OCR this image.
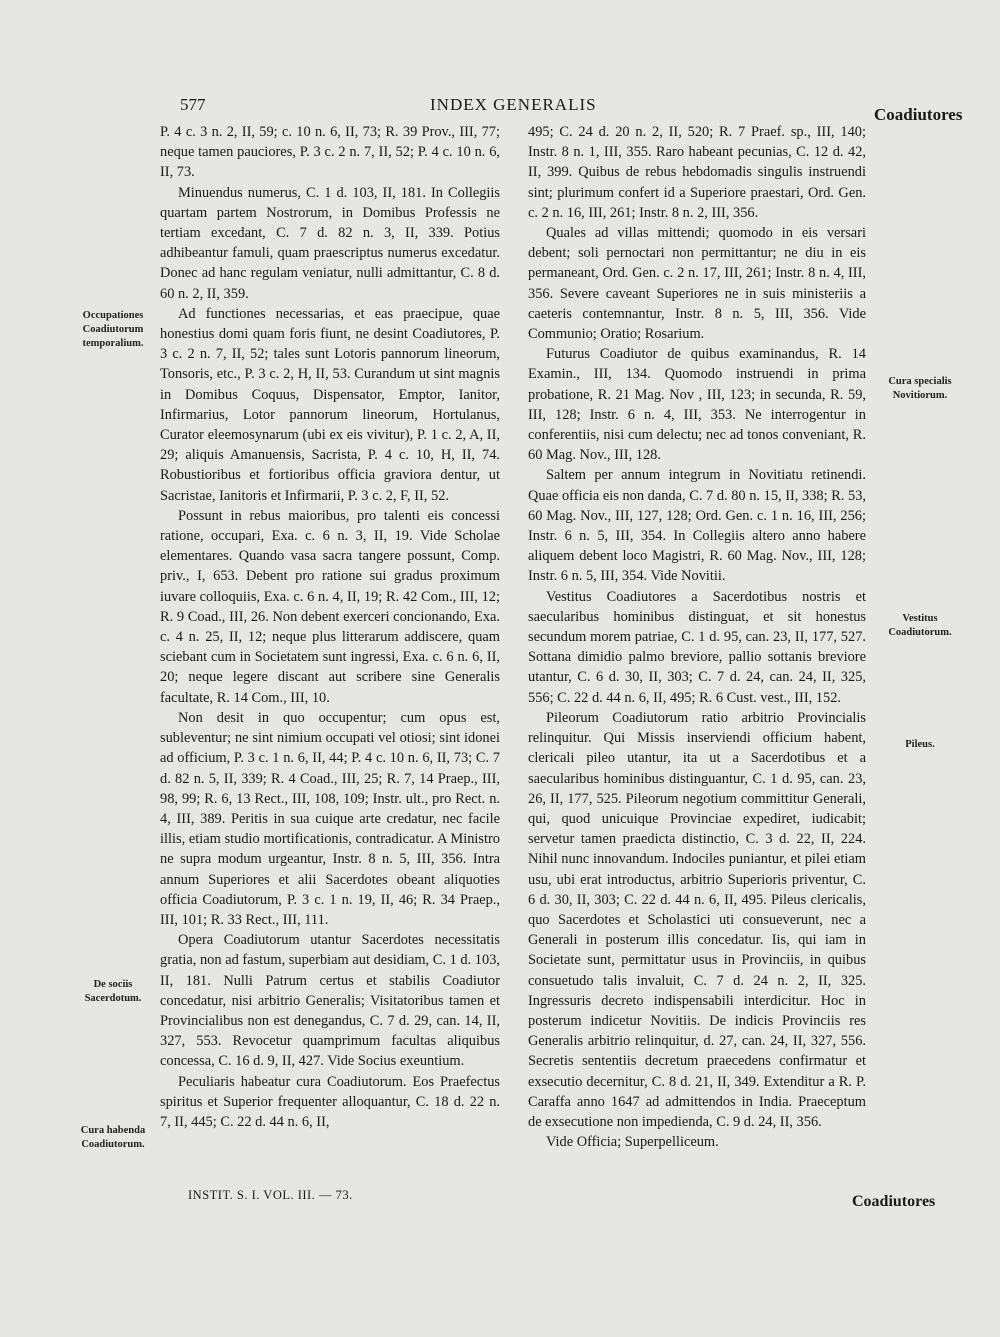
577	INDEX GENERALIS
Coadiutores

P. 4 c. 3 n. 2, II, 59; c. 10 n. 6, II, 73; R. 39 Prov., III, 77; neque tamen pauciores, P. 3 c. 2 n. 7, II, 52; P. 4 c. 10 n. 6, II, 73.

Minuendus numerus, C. 1 d. 103, II, 181. In Collegiis quartam partem Nostrorum, in Domibus Professis ne tertiam excedant, C. 7 d. 82 n. 3, II, 339. Potius adhibeantur famuli, quam praescriptus numerus excedatur. Donec ad hanc regulam veniatur, nulli admittantur, C. 8 d. 60 n. 2, II, 359.

Ad functiones necessarias, et eas praecipue, quae honestius domi quam foris fiunt, ne desint Coadiutores, P. 3 c. 2 n. 7, II, 52; tales sunt Lotoris pannorum lineorum, Tonsoris, etc., P. 3 c. 2, H, II, 53. Curandum ut sint magnis in Domibus Coquus, Dispensator, Emptor, Ianitor, Infirmarius, Lotor pannorum lineorum, Hortulanus, Curator eleemosynarum (ubi ex eis vivitur), P. 1 c. 2, A, II, 29; aliquis Amanuensis, Sacrista, P. 4 c. 10, H, II, 74. Robustioribus et fortioribus officia graviora dentur, ut Sacristae, Ianitoris et Infirmarii, P. 3 c. 2, F, II, 52.

Possunt in rebus maioribus, pro talenti eis concessi ratione, occupari, Exa. c. 6 n. 3, II, 19. Vide Scholae elementares. Quando vasa sacra tangere possunt, Comp. priv., I, 653. Debent pro ratione sui gradus proximum iuvare colloquiis, Exa. c. 6 n. 4, II, 19; R. 42 Com., III, 12; R. 9 Coad., III, 26. Non debent exerceri concionando, Exa. c. 4 n. 25, II, 12; neque plus litterarum addiscere, quam sciebant cum in Societatem sunt ingressi, Exa. c. 6 n. 6, II, 20; neque legere discant aut scribere sine Generalis facultate, R. 14 Com., III, 10.

Non desit in quo occupentur; cum opus est, subleventur; ne sint nimium occupati vel otiosi; sint idonei ad officium, P. 3 c. 1 n. 6, II, 44; P. 4 c. 10 n. 6, II, 73; C. 7 d. 82 n. 5, II, 339; R. 4 Coad., III, 25; R. 7, 14 Praep., III, 98, 99; R. 6, 13 Rect., III, 108, 109; Instr. ult., pro Rect. n. 4, III, 389. Peritis in sua cuique arte credatur, nec facile illis, etiam studio mortificationis, contradicatur. A Ministro ne supra modum urgeantur, Instr. 8 n. 5, III, 356. Intra annum Superiores et alii Sacerdotes obeant aliquoties officia Coadiutorum, P. 3 c. 1 n. 19, II, 46; R. 34 Praep., III, 101; R. 33 Rect., III, 111.

Opera Coadiutorum utantur Sacerdotes necessitatis gratia, non ad fastum, superbiam aut desidiam, C. 1 d. 103, II, 181. Nulli Patrum certus et stabilis Coadiutor concedatur, nisi arbitrio Generalis; Visitatoribus tamen et Provincialibus non est denegandus, C. 7 d. 29, can. 14, II, 327, 553. Revocetur quamprimum facultas aliquibus concessa, C. 16 d. 9, II, 427. Vide Socius exeuntium.

Peculiaris habeatur cura Coadiutorum. Eos Praefectus spiritus et Superior frequenter alloquantur, C. 18 d. 22 n. 7, II, 445; C. 22 d. 44 n. 6, II,

495; C. 24 d. 20 n. 2, II, 520; R. 7 Praef. sp., III, 140; Instr. 8 n. 1, III, 355. Raro habeant pecunias, C. 12 d. 42, II, 399. Quibus de rebus hebdomadis singulis instruendi sint; plurimum confert id a Superiore praestari, Ord. Gen. c. 2 n. 16, III, 261; Instr. 8 n. 2, III, 356.

Quales ad villas mittendi; quomodo in eis versari debent; soli pernoctari non permittantur; ne diu in eis permaneant, Ord. Gen. c. 2 n. 17, III, 261; Instr. 8 n. 4, III, 356. Severe caveant Superiores ne in suis ministeriis a caeteris contemnantur, Instr. 8 n. 5, III, 356. Vide Communio; Oratio; Rosarium.

Futurus Coadiutor de quibus examinandus, R. 14 Examin., III, 134. Quomodo instruendi in prima probatione, R. 21 Mag. Nov , III, 123; in secunda, R. 59, III, 128; Instr. 6 n. 4, III, 353. Ne interrogentur in conferentiis, nisi cum delectu; nec ad tonos conveniant, R. 60 Mag. Nov., III, 128.

Saltem per annum integrum in Novitiatu retinendi. Quae officia eis non danda, C. 7 d. 80 n. 15, II, 338; R. 53, 60 Mag. Nov., III, 127, 128; Ord. Gen. c. 1 n. 16, III, 256; Instr. 6 n. 5, III, 354. In Collegiis altero anno habere aliquem debent loco Magistri, R. 60 Mag. Nov., III, 128; Instr. 6 n. 5, III, 354. Vide Novitii.

Vestitus Coadiutores a Sacerdotibus nostris et saecularibus hominibus distinguat, et sit honestus secundum morem patriae, C. 1 d. 95, can. 23, II, 177, 527. Sottana dimidio palmo breviore, pallio sottanis breviore utantur, C. 6 d. 30, II, 303; C. 7 d. 24, can. 24, II, 325, 556; C. 22 d. 44 n. 6, II, 495; R. 6 Cust. vest., III, 152.

Pileorum Coadiutorum ratio arbitrio Provincialis relinquitur. Qui Missis inserviendi officium habent, clericali pileo utantur, ita ut a Sacerdotibus et a saecularibus hominibus distinguantur, C. 1 d. 95, can. 23, 26, II, 177, 525. Pileorum negotium committitur Generali, qui, quod unicuique Provinciae expediret, iudicabit; servetur tamen praedicta distinctio, C. 3 d. 22, II, 224. Nihil nunc innovandum. Indociles puniantur, et pilei etiam usu, ubi erat introductus, arbitrio Superioris priventur, C. 6 d. 30, II, 303; C. 22 d. 44 n. 6, II, 495. Pileus clericalis, quo Sacerdotes et Scholastici uti consueverunt, nec a Generali in posterum illis concedatur. Iis, qui iam in Societate sunt, permittatur usus in Provinciis, in quibus consuetudo talis invaluit, C. 7 d. 24 n. 2, II, 325. Ingressuris decreto indispensabili interdicitur. Hoc in posterum indicetur Novitiis. De indicis Provinciis res Generalis arbitrio relinquitur, d. 27, can. 24, II, 327, 556. Secretis sententiis decretum praecedens confirmatur et exsecutio decernitur, C. 8 d. 21, II, 349. Extenditur a R. P. Caraffa anno 1647 ad admittendos in India. Praeceptum de exsecutione non impedienda, C. 9 d. 24, II, 356.

Vide Officia; Superpelliceum.

Occupationes Coadiutorum temporalium.
De sociis Sacerdotum.
Cura habenda Coadiutorum.
Cura specialis Novitiorum.
Vestitus Coadiutorum.
Pileus.
INSTIT. S. I. VOL. III. — 73.	Coadiutores
